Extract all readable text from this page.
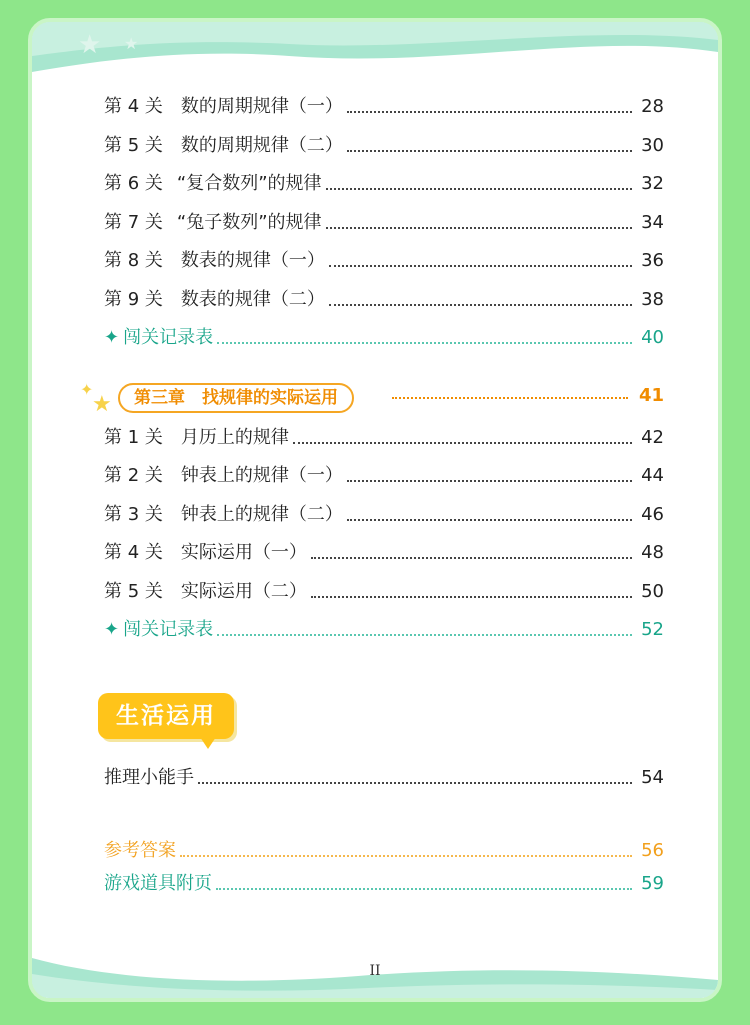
★ ★
第 4 关 数的周期规律（一）	28
第 5 关 数的周期规律（二）	30
第 6 关 “复合数列”的规律	32
第 7 关 “兔子数列”的规律	34
第 8 关 数表的规律（一）	36
第 9 关 数表的规律（二）	38
✦ 闯关记录表	40
✦
★	第三章　找规律的实际运用	41
第 1 关 月历上的规律	42
第 2 关 钟表上的规律（一）	44
第 3 关 钟表上的规律（二）	46
第 4 关 实际运用（一）	48
第 5 关 实际运用（二）	50
✦ 闯关记录表	52
生活运用
推理小能手	54
参考答案	56
游戏道具附页	59
II
